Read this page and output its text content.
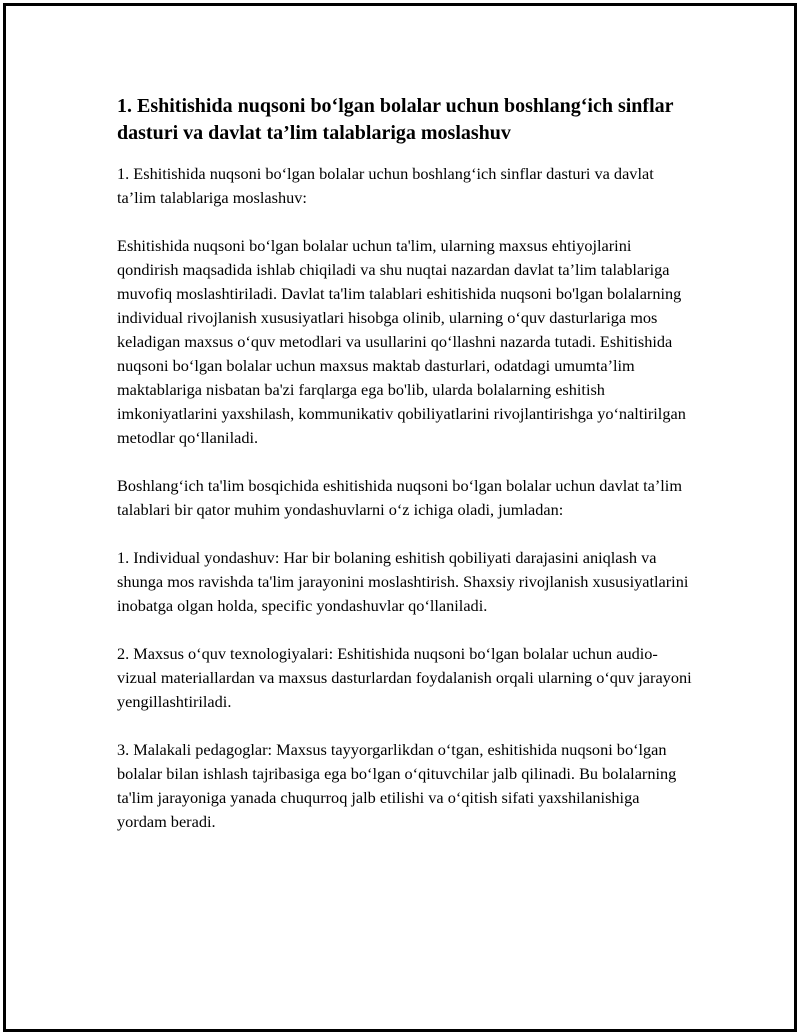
1. Eshitishida nuqsoni bo‘lgan bolalar uchun boshlang‘ich sinflar dasturi va davlat ta’lim talablariga moslashuv

1. Eshitishida nuqsoni bo‘lgan bolalar uchun boshlang‘ich sinflar dasturi va davlat ta’lim talablariga moslashuv:

Eshitishida nuqsoni bo‘lgan bolalar uchun ta'lim, ularning maxsus ehtiyojlarini qondirish maqsadida ishlab chiqiladi va shu nuqtai nazardan davlat ta’lim talablariga muvofiq moslashtiriladi. Davlat ta'lim talablari eshitishida nuqsoni bo'lgan bolalarning individual rivojlanish xususiyatlari hisobga olinib, ularning o‘quv dasturlariga mos keladigan maxsus o‘quv metodlari va usullarini qo‘llashni nazarda tutadi. Eshitishida nuqsoni bo‘lgan bolalar uchun maxsus maktab dasturlari, odatdagi umumta’lim maktablariga nisbatan ba'zi farqlarga ega bo'lib, ularda bolalarning eshitish imkoniyatlarini yaxshilash, kommunikativ qobiliyatlarini rivojlantirishga yo‘naltirilgan metodlar qo‘llaniladi.

Boshlang‘ich ta'lim bosqichida eshitishida nuqsoni bo‘lgan bolalar uchun davlat ta’lim talablari bir qator muhim yondashuvlarni o‘z ichiga oladi, jumladan:

1. Individual yondashuv: Har bir bolaning eshitish qobiliyati darajasini aniqlash va shunga mos ravishda ta'lim jarayonini moslashtirish. Shaxsiy rivojlanish xususiyatlarini inobatga olgan holda, specific yondashuvlar qo‘llaniladi.

2. Maxsus o‘quv texnologiyalari: Eshitishida nuqsoni bo‘lgan bolalar uchun audio-vizual materiallardan va maxsus dasturlardan foydalanish orqali ularning o‘quv jarayoni yengillashtiriladi.

3. Malakali pedagoglar: Maxsus tayyorgarlikdan o‘tgan, eshitishida nuqsoni bo‘lgan bolalar bilan ishlash tajribasiga ega bo‘lgan o‘qituvchilar jalb qilinadi. Bu bolalarning ta'lim jarayoniga yanada chuqurroq jalb etilishi va o‘qitish sifati yaxshilanishiga yordam beradi.
